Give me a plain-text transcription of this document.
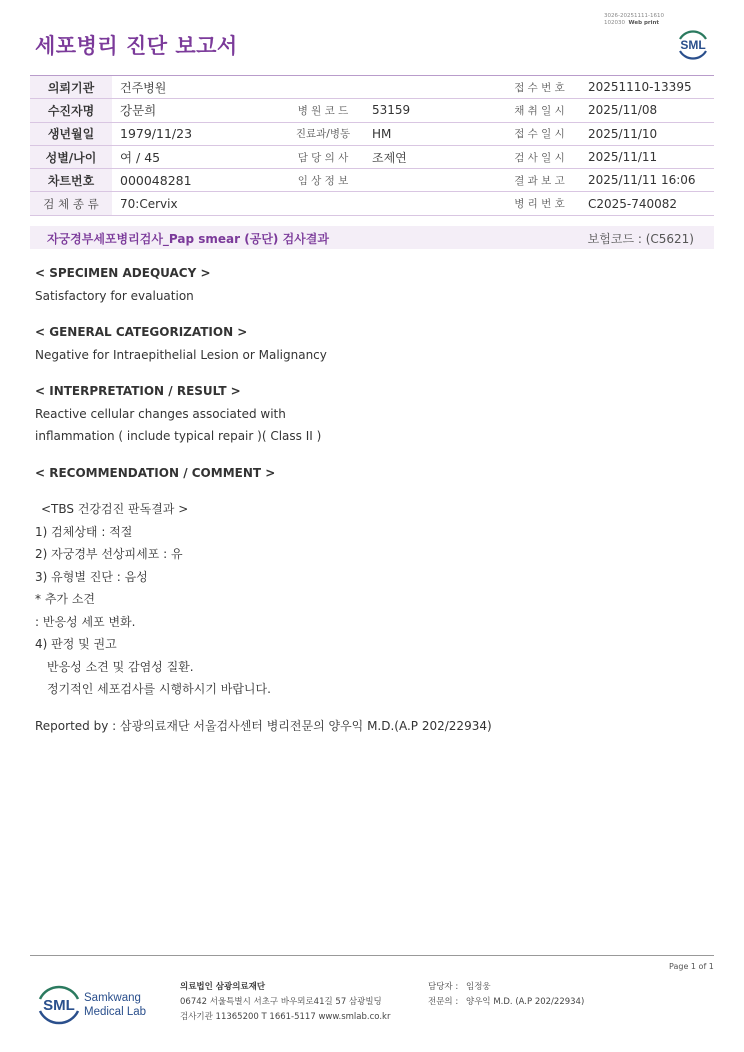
세포병리 진단 보고서
3026-20251111-1610
102030 Web print
SML
의뢰기관	건주병원			접 수 번 호	20251110-13395
수진자명	강문희	병 원 코 드	53159	채 취 일 시	2025/11/08
생년월일	1979/11/23	진료과/병동	HM	접 수 일 시	2025/11/10
성별/나이	여 / 45	담 당 의 사	조제연	검 사 일 시	2025/11/11
차트번호	000048281	임 상 정 보		결 과 보 고	2025/11/11 16:06
검 체 종 류	70:Cervix			병 리 번 호	C2025-740082
자궁경부세포병리검사_Pap smear (공단) 검사결과	보험코드 : (C5621)
< SPECIMEN ADEQUACY >
Satisfactory for evaluation
< GENERAL CATEGORIZATION >
Negative for Intraepithelial Lesion or Malignancy
< INTERPRETATION / RESULT >
Reactive cellular changes associated with
inflammation ( include typical repair )( Class II )
< RECOMMENDATION / COMMENT >
<TBS 건강검진 판독결과 >
1) 검체상태 : 적절
2) 자궁경부 선상피세포 : 유
3) 유형별 진단 : 음성
* 추가 소견
: 반응성 세포 변화.
4) 판정 및 권고
반응성 소견 및 감염성 질환.
정기적인 세포검사를 시행하시기 바랍니다.
Reported by : 삼광의료재단 서울검사센터 병리전문의 양우익 M.D.(A.P 202/22934)
Page 1 of 1
SML Samkwang
Medical Lab
의료법인 삼광의료재단
06742 서울특별시 서초구 바우뫼로41길 57 삼광빌딩
검사기관 11365200 T 1661-5117 www.smlab.co.kr
담당자 : 임정웅
전문의 : 양우익 M.D. (A.P 202/22934)
